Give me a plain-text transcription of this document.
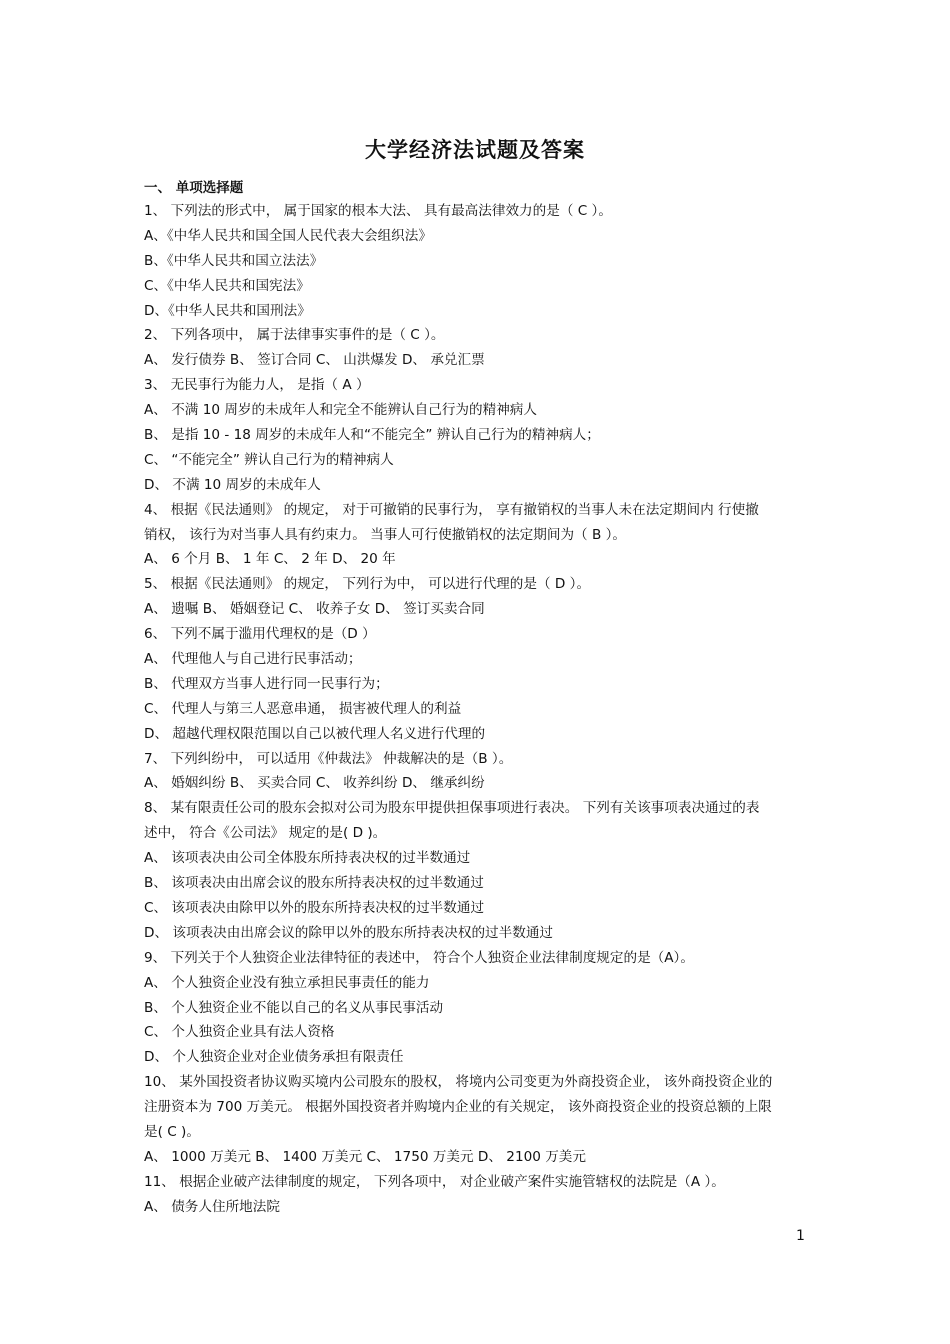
大学经济法试题及答案
一、 单项选择题
1、 下列法的形式中， 属于国家的根本大法、 具有最高法律效力的是（ C ）。
A、《中华人民共和国全国人民代表大会组织法》
B、《中华人民共和国立法法》
C、《中华人民共和国宪法》
D、《中华人民共和国刑法》
2、 下列各项中， 属于法律事实事件的是（ C ）。
A、 发行债券 B、 签订合同 C、 山洪爆发 D、 承兑汇票
3、 无民事行为能力人， 是指（ A ）
A、 不满 10 周岁的未成年人和完全不能辨认自己行为的精神病人
B、 是指 10 - 18 周岁的未成年人和“不能完全” 辨认自己行为的精神病人；
C、 “不能完全” 辨认自己行为的精神病人
D、 不满 10 周岁的未成年人
4、 根据《民法通则》 的规定， 对于可撤销的民事行为， 享有撤销权的当事人未在法定期间内 行使撤
销权， 该行为对当事人具有约束力。 当事人可行使撤销权的法定期间为（ B ）。
A、 6 个月 B、 1 年 C、 2 年 D、 20 年
5、 根据《民法通则》 的规定， 下列行为中， 可以进行代理的是（ D ）。
A、 遗嘱 B、 婚姻登记 C、 收养子女 D、 签订买卖合同
6、 下列不属于滥用代理权的是（D ）
A、 代理他人与自己进行民事活动；
B、 代理双方当事人进行同一民事行为；
C、 代理人与第三人恶意串通， 损害被代理人的利益
D、 超越代理权限范围以自己以被代理人名义进行代理的
7、 下列纠纷中， 可以适用《仲裁法》 仲裁解决的是（B ）。
A、 婚姻纠纷 B、 买卖合同 C、 收养纠纷 D、 继承纠纷
8、 某有限责任公司的股东会拟对公司为股东甲提供担保事项进行表决。 下列有关该事项表决通过的表
述中， 符合《公司法》 规定的是( D )。
A、 该项表决由公司全体股东所持表决权的过半数通过
B、 该项表决由出席会议的股东所持表决权的过半数通过
C、 该项表决由除甲以外的股东所持表决权的过半数通过
D、 该项表决由出席会议的除甲以外的股东所持表决权的过半数通过
9、 下列关于个人独资企业法律特征的表述中， 符合个人独资企业法律制度规定的是（A）。
A、 个人独资企业没有独立承担民事责任的能力
B、 个人独资企业不能以自己的名义从事民事活动
C、 个人独资企业具有法人资格
D、 个人独资企业对企业债务承担有限责任
10、 某外国投资者协议购买境内公司股东的股权， 将境内公司变更为外商投资企业， 该外商投资企业的
注册资本为 700 万美元。 根据外国投资者并购境内企业的有关规定， 该外商投资企业的投资总额的上限
是( C )。
A、 1000 万美元 B、 1400 万美元 C、 1750 万美元 D、 2100 万美元
11、 根据企业破产法律制度的规定， 下列各项中， 对企业破产案件实施管辖权的法院是（A ）。
A、 债务人住所地法院
1
